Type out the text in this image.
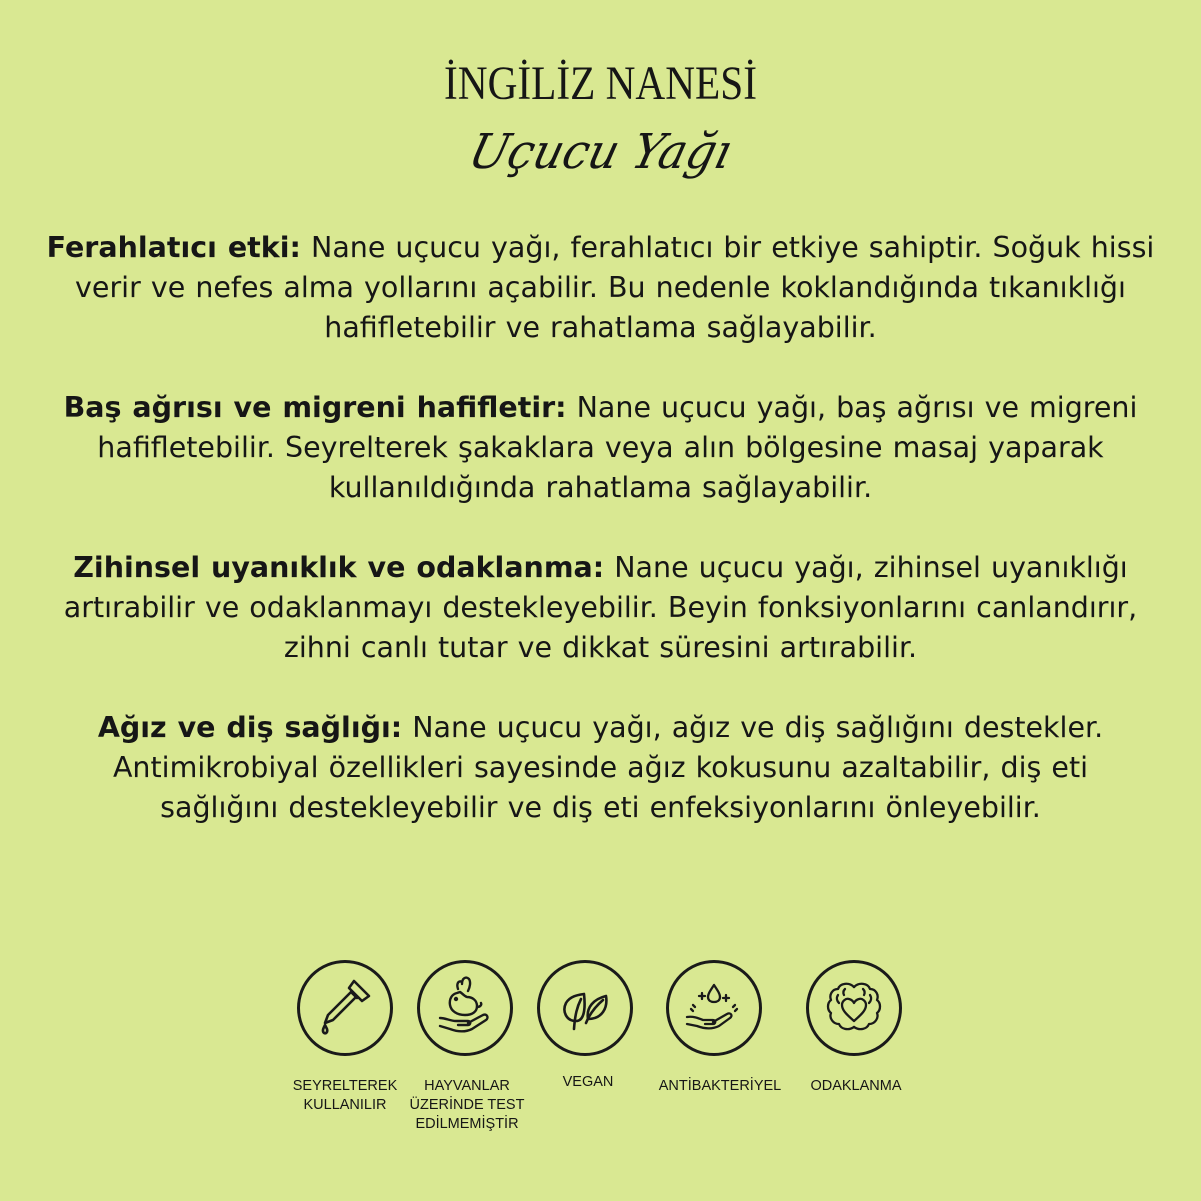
İNGİLİZ NANESİ
Uçucu Yağı

Ferahlatıcı etki: Nane uçucu yağı, ferahlatıcı bir etkiye sahiptir. Soğuk hissi verir ve nefes alma yollarını açabilir. Bu nedenle koklandığında tıkanıklığı hafifletebilir ve rahatlama sağlayabilir.

Baş ağrısı ve migreni hafifletir: Nane uçucu yağı, baş ağrısı ve migreni hafifletebilir. Seyrelterek şakaklara veya alın bölgesine masaj yaparak kullanıldığında rahatlama sağlayabilir.

Zihinsel uyanıklık ve odaklanma: Nane uçucu yağı, zihinsel uyanıklığı artırabilir ve odaklanmayı destekleyebilir. Beyin fonksiyonlarını canlandırır, zihni canlı tutar ve dikkat süresini artırabilir.

Ağız ve diş sağlığı: Nane uçucu yağı, ağız ve diş sağlığını destekler. Antimikrobiyal özellikleri sayesinde ağız kokusunu azaltabilir, diş eti sağlığını destekleyebilir ve diş eti enfeksiyonlarını önleyebilir.

SEYRELTEREK
KULLANILIR
HAYVANLAR
ÜZERİNDE TEST
EDİLMEMİŞTİR
VEGAN	ANTİBAKTERİYEL	ODAKLANMA
